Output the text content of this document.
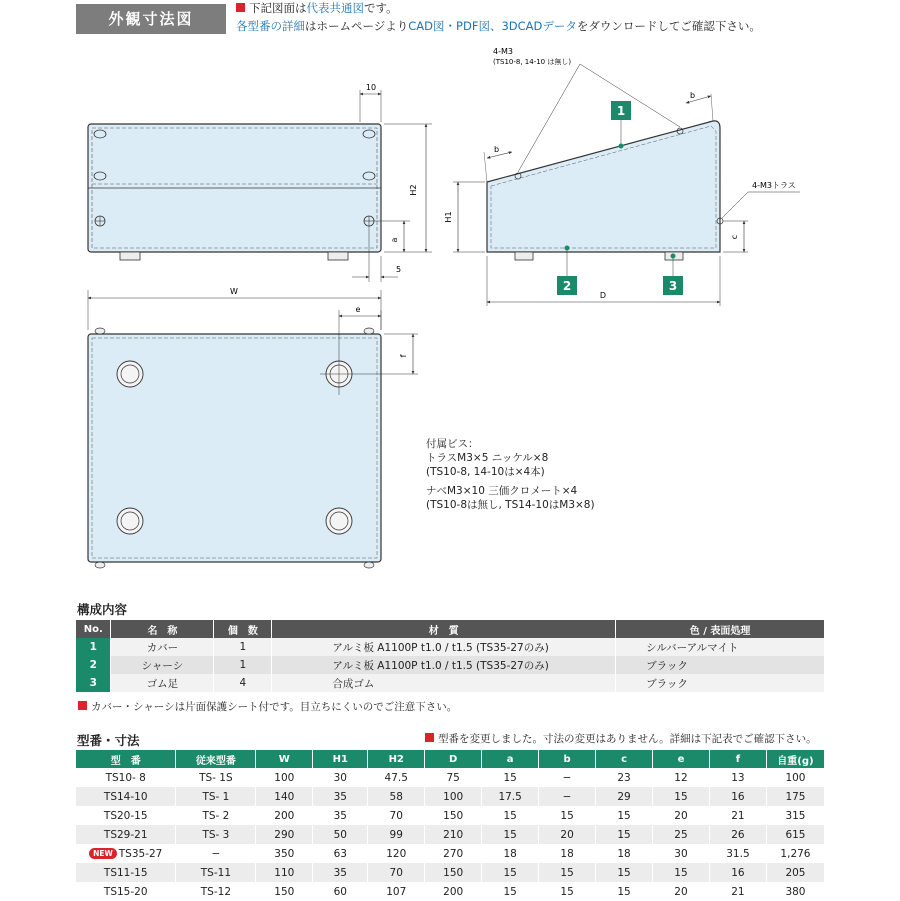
外観寸法図
下記図面は代表共通図です。
各型番の詳細はホームページよりCAD図・PDF図、3DCADデータをダウンロードしてご確認下さい。
10
H2
a
5
4-M3
(TS10-8, 14-10 は無し)
b
b
H1
c
4-M3トラス
D
1
2	3
W
e
f
付属ビス：
トラスM3×5 ニッケル×8
(TS10-8, 14-10は×4本)
ナベM3×10 三価クロメート×4
(TS10-8は無し, TS14-10はM3×8)
構成内容
No.	名　称	個　数	材　質	色 / 表面処理
1	カバー	1	アルミ板 A1100P t1.0 / t1.5 (TS35-27のみ)	シルバーアルマイト
2	シャーシ	1	アルミ板 A1100P t1.0 / t1.5 (TS35-27のみ)	ブラック
3	ゴム足	4	合成ゴム	ブラック
カバー・シャーシは片面保護シート付です。目立ちにくいのでご注意下さい。
型番・寸法	型番を変更しました。寸法の変更はありません。詳細は下記表でご確認下さい。
型　番	従来型番	W	H1	H2	D	a	b	c	e	f	自重(g)
TS10- 8	TS- 1S	100	30	47.5	75	15	−	23	12	13	100
TS14-10	TS- 1	140	35	58	100	17.5	−	29	15	16	175
TS20-15	TS- 2	200	35	70	150	15	15	15	20	21	315
TS29-21	TS- 3	290	50	99	210	15	20	15	25	26	615
NEW TS35-27	−	350	63	120	270	18	18	18	30	31.5	1,276
TS11-15	TS-11	110	35	70	150	15	15	15	15	16	205
TS15-20	TS-12	150	60	107	200	15	15	15	20	21	380
